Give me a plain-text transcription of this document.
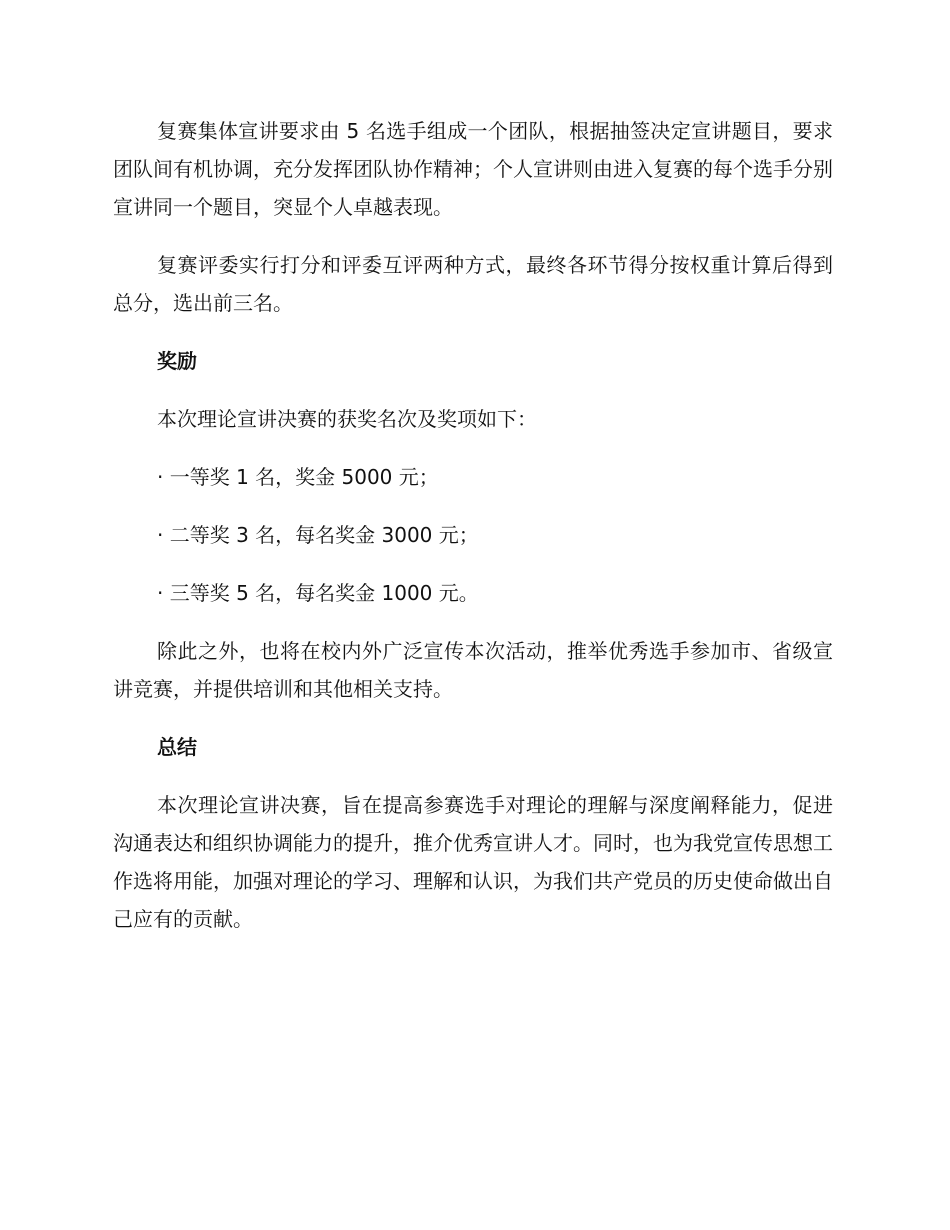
复赛集体宣讲要求由 5 名选手组成一个团队，根据抽签决定宣讲题目，要求团队间有机协调，充分发挥团队协作精神；个人宣讲则由进入复赛的每个选手分别宣讲同一个题目，突显个人卓越表现。

复赛评委实行打分和评委互评两种方式，最终各环节得分按权重计算后得到总分，选出前三名。

奖励

本次理论宣讲决赛的获奖名次及奖项如下：

· 一等奖 1 名，奖金 5000 元；

· 二等奖 3 名，每名奖金 3000 元；

· 三等奖 5 名，每名奖金 1000 元。

除此之外，也将在校内外广泛宣传本次活动，推举优秀选手参加市、省级宣讲竞赛，并提供培训和其他相关支持。

总结

本次理论宣讲决赛，旨在提高参赛选手对理论的理解与深度阐释能力，促进沟通表达和组织协调能力的提升，推介优秀宣讲人才。同时，也为我党宣传思想工作选将用能，加强对理论的学习、理解和认识，为我们共产党员的历史使命做出自己应有的贡献。
